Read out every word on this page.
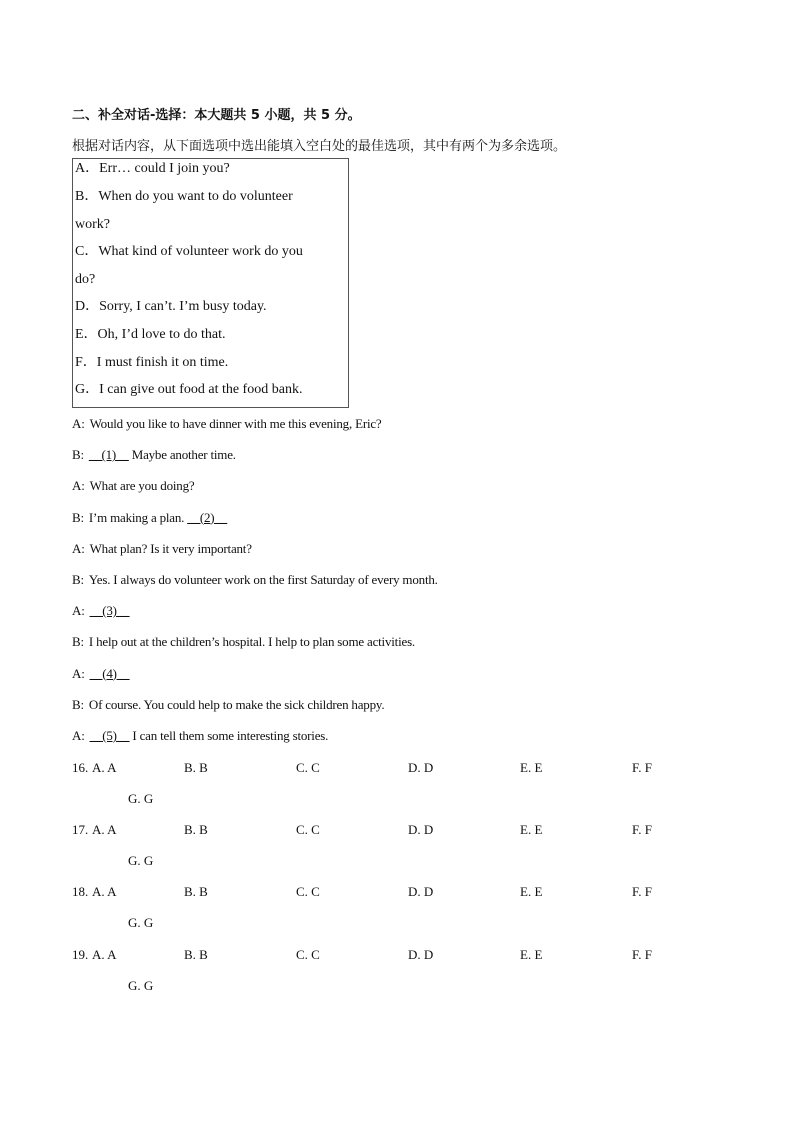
二、补全对话-选择：本大题共 5 小题，共 5 分。
根据对话内容，从下面选项中选出能填入空白处的最佳选项，其中有两个为多余选项。
A．Err… could I join you?
B．When do you want to do volunteer
work?
C．What kind of volunteer work do you
do?
D．Sorry, I can’t. I’m busy today.
E．Oh, I’d love to do that.
F．I must finish it on time.
G．I can give out food at the food bank.
A: Would you like to have dinner with me this evening, Eric?
B: __(1)__ Maybe another time.
A: What are you doing?
B: I’m making a plan. __(2)__
A: What plan? Is it very important?
B: Yes. I always do volunteer work on the first Saturday of every month.
A: __(3)__
B: I help out at the children’s hospital. I help to plan some activities.
A: __(4)__
B: Of course. You could help to make the sick children happy.
A: __(5)__ I can tell them some interesting stories.
16. A. A	B. B	C. C	D. D	E. E	F. F
G. G
17. A. A	B. B	C. C	D. D	E. E	F. F
G. G
18. A. A	B. B	C. C	D. D	E. E	F. F
G. G
19. A. A	B. B	C. C	D. D	E. E	F. F
G. G
